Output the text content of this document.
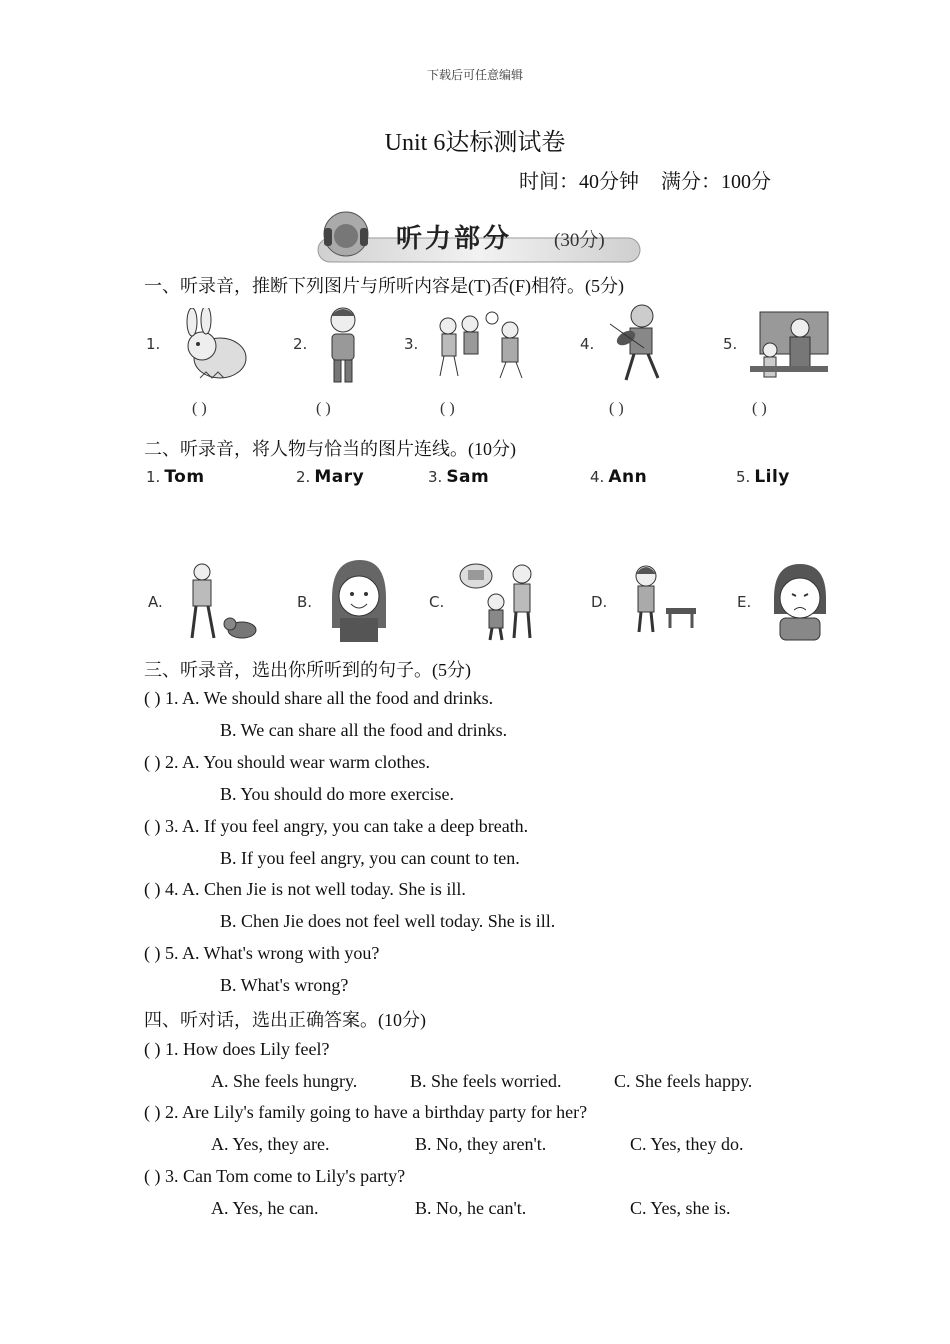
下载后可任意编辑
Unit 6达标测试卷
时间：40分钟 满分：100分
听力部分 (30分)
一、听录音，推断下列图片与所听内容是(T)否(F)相符。(5分)
1.	2.	3.	4.	5.
( )	( )	( )	( )	( )
二、听录音，将人物与恰当的图片连线。(10分)
1. Tom	2. Mary	3. Sam	4. Ann	5. Lily
A.	B.	C.	D.	E.
三、听录音，选出你所听到的句子。(5分)
( ) 1. A. We should share all the food and drinks.
B. We can share all the food and drinks.
( ) 2. A. You should wear warm clothes.
B. You should do more exercise.
( ) 3. A. If you feel angry, you can take a deep breath.
B. If you feel angry, you can count to ten.
( ) 4. A. Chen Jie is not well today. She is ill.
B. Chen Jie does not feel well today. She is ill.
( ) 5. A. What's wrong with you?
B. What's wrong?
四、听对话，选出正确答案。(10分)
( ) 1. How does Lily feel?
A. She feels hungry.	B. She feels worried.	C. She feels happy.
( ) 2. Are Lily's family going to have a birthday party for her?
A. Yes, they are.	B. No, they aren't.	C. Yes, they do.
( ) 3. Can Tom come to Lily's party?
A. Yes, he can.	B. No, he can't.	C. Yes, she is.
